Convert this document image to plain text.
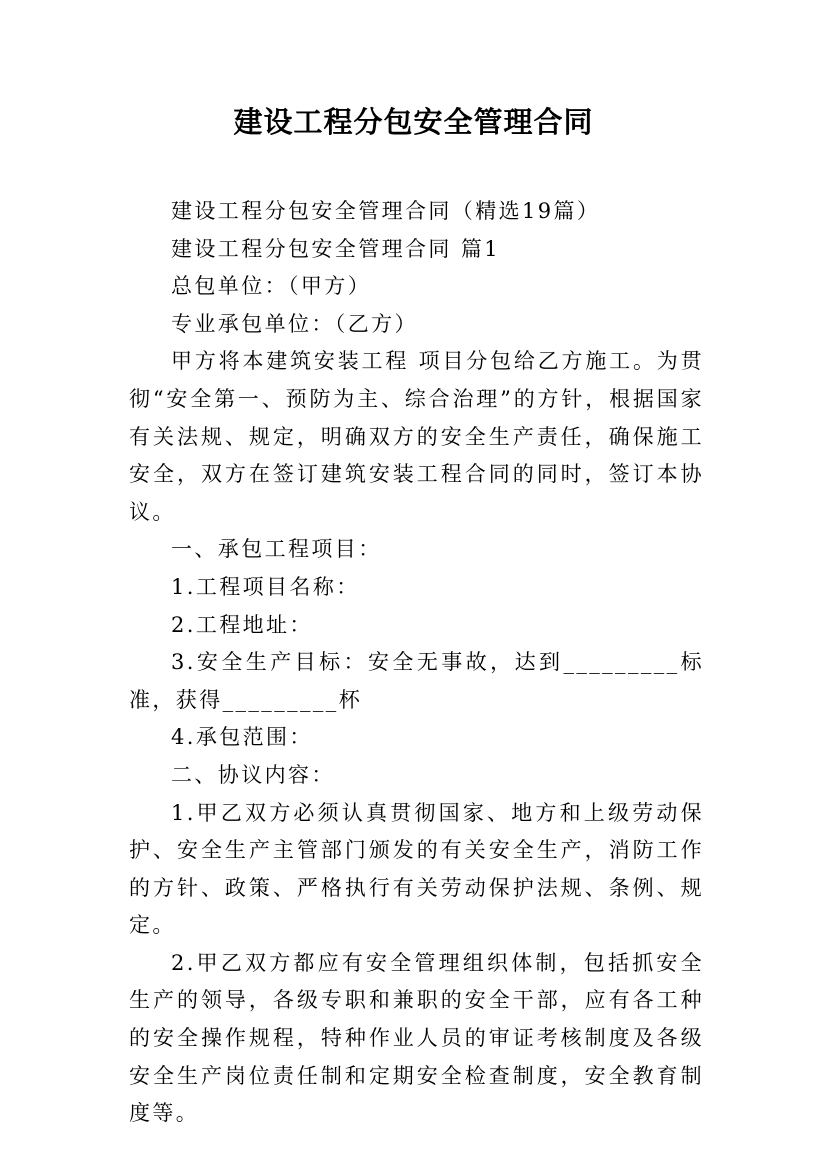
建设工程分包安全管理合同

建设工程分包安全管理合同（精选19篇）

建设工程分包安全管理合同 篇1

总包单位：（甲方）

专业承包单位：（乙方）

甲方将本建筑安装工程 项目分包给乙方施工。为贯彻“安全第一、预防为主、综合治理”的方针，根据国家有关法规、规定，明确双方的安全生产责任，确保施工安全，双方在签订建筑安装工程合同的同时，签订本协议。

一、承包工程项目：

1.工程项目名称：

2.工程地址：

3.安全生产目标：安全无事故，达到_________标准，获得_________杯

4.承包范围：

二、协议内容：

1.甲乙双方必须认真贯彻国家、地方和上级劳动保护、安全生产主管部门颁发的有关安全生产，消防工作的方针、政策、严格执行有关劳动保护法规、条例、规定。

2.甲乙双方都应有安全管理组织体制，包括抓安全生产的领导，各级专职和兼职的安全干部，应有各工种的安全操作规程，特种作业人员的审证考核制度及各级安全生产岗位责任制和定期安全检查制度，安全教育制度等。
